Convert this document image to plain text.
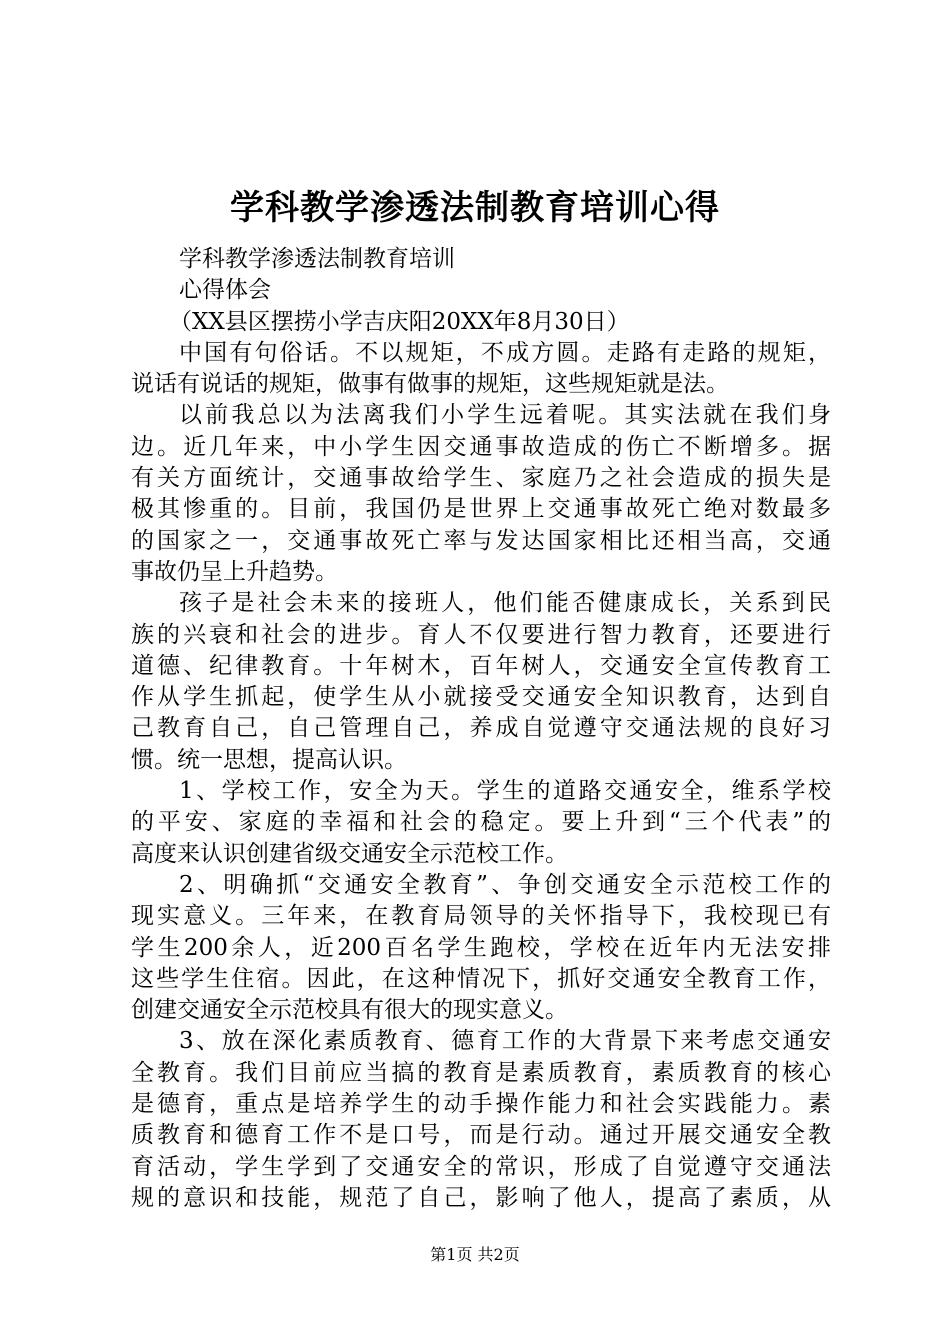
学科教学渗透法制教育培训心得
学科教学渗透法制教育培训
心得体会
（XX县区摆捞小学吉庆阳20XX年8月30日）
中国有句俗话。不以规矩，不成方圆。走路有走路的规矩，
说话有说话的规矩，做事有做事的规矩，这些规矩就是法。
以前我总以为法离我们小学生远着呢。其实法就在我们身
边。近几年来，中小学生因交通事故造成的伤亡不断增多。据
有关方面统计，交通事故给学生、家庭乃之社会造成的损失是
极其惨重的。目前，我国仍是世界上交通事故死亡绝对数最多
的国家之一，交通事故死亡率与发达国家相比还相当高，交通
事故仍呈上升趋势。
孩子是社会未来的接班人，他们能否健康成长，关系到民
族的兴衰和社会的进步。育人不仅要进行智力教育，还要进行
道德、纪律教育。十年树木，百年树人，交通安全宣传教育工
作从学生抓起，使学生从小就接受交通安全知识教育，达到自
己教育自己，自己管理自己，养成自觉遵守交通法规的良好习
惯。统一思想，提高认识。
1、学校工作，安全为天。学生的道路交通安全，维系学校
的平安、家庭的幸福和社会的稳定。要上升到“三个代表”的
高度来认识创建省级交通安全示范校工作。
2、明确抓“交通安全教育”、争创交通安全示范校工作的
现实意义。三年来，在教育局领导的关怀指导下，我校现已有
学生200余人，近200百名学生跑校，学校在近年内无法安排
这些学生住宿。因此，在这种情况下，抓好交通安全教育工作，
创建交通安全示范校具有很大的现实意义。
3、放在深化素质教育、德育工作的大背景下来考虑交通安
全教育。我们目前应当搞的教育是素质教育，素质教育的核心
是德育，重点是培养学生的动手操作能力和社会实践能力。素
质教育和德育工作不是口号，而是行动。通过开展交通安全教
育活动，学生学到了交通安全的常识，形成了自觉遵守交通法
规的意识和技能，规范了自己，影响了他人，提高了素质，从
第1页 共2页
